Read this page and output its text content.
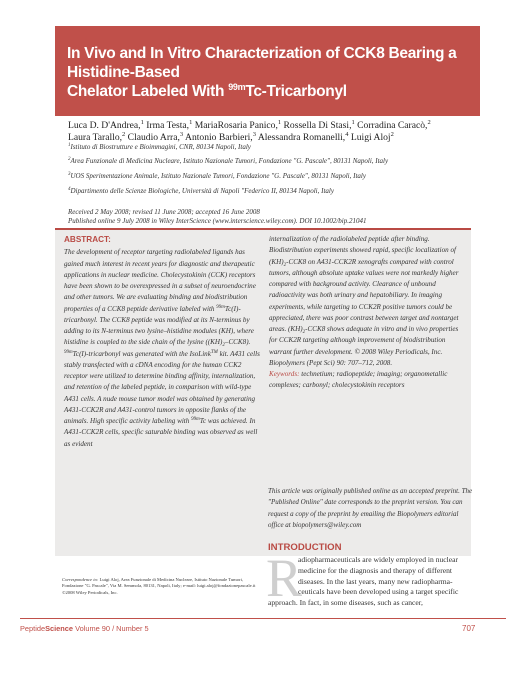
In Vivo and In Vitro Characterization of CCK8 Bearing a Histidine-Based
Chelator Labeled With $^{99m}$Tc-Tricarbonyl
Luca D. D'Andrea,$^1$ Irma Testa,$^1$ MariaRosaria Panico,$^1$ Rossella Di Stasi,$^1$ Corradina Caracò,$^2$
Laura Tarallo,$^2$ Claudio Arra,$^3$ Antonio Barbieri,$^3$ Alessandra Romanelli,$^4$ Luigi Aloj$^2$
$^1$Istituto di Biostrutture e Bioimmagini, CNR, 80134 Napoli, Italy
$^2$Area Funzionale di Medicina Nucleare, Istituto Nazionale Tumori, Fondazione "G. Pascale", 80131 Napoli, Italy
$^3$UOS Sperimentazione Animale, Istituto Nazionale Tumori, Fondazione "G. Pascale", 80131 Napoli, Italy
$^4$Dipartimento delle Scienze Biologiche, Università di Napoli "Federico II, 80134 Napoli, Italy
Received 2 May 2008; revised 11 June 2008; accepted 16 June 2008
Published online 9 July 2008 in Wiley InterScience (www.interscience.wiley.com). DOI 10.1002/bip.21041
ABSTRACT:

The development of receptor targeting radiolabeled ligands has gained much interest in recent years for diagnostic and therapeutic applications in nuclear medicine. Cholecystokinin (CCK) receptors have been shown to be overexpressed in a subset of neuroendocrine and other tumors. We are evaluating binding and biodistribution properties of a CCK8 peptide derivative labeled with $^{99m}$Tc(I)-tricarbonyl. The CCK8 peptide was modified at its N-terminus by adding to its N-terminus two lysine–histidine modules (KH), where histidine is coupled to the side chain of the lysine $((KH)_2-CCK8)$. $^{99m}$Tc(I)-tricarbonyl was generated with the IsoLink™ kit. A431 cells stably transfected with a cDNA encoding for the human CCK2 receptor were utilized to determine binding affinity, internalization, and retention of the labeled peptide, in comparison with wild-type A431 cells. A nude mouse tumor model was obtained by generating A431-CCK2R and A431-control tumors in opposite flanks of the animals. High specific activity labeling with $^{99m}$Tc was achieved. In A431-CCK2R cells, specific saturable binding was observed as well as evident

internalization of the radiolabeled peptide after binding. Biodistribution experiments showed rapid, specific localization of $(KH)_2-CCK8$ on A431-CCK2R xenografts compared with control tumors, although absolute uptake values were not markedly higher compared with background activity. Clearance of unbound radioactivity was both urinary and hepatobiliary. In imaging experiments, while targeting to CCK2R positive tumors could be appreciated, there was poor contrast between target and nontarget areas. $(KH)_2-CCK8$ shows adequate in vitro and in vivo properties for CCK2R targeting although improvement of biodistribution warrant further development. © 2008 Wiley Periodicals, Inc. Biopolymers (Pept Sci) 90: 707–712, 2008.

Keywords: technetium; radiopeptide; imaging; organometallic complexes; carbonyl; cholecystokinin receptors

This article was originally published online as an accepted preprint. The "Published Online" date corresponds to the preprint version. You can request a copy of the preprint by emailing the Biopolymers editorial office at biopolymers@wiley.com
INTRODUCTION
R
adiopharmaceuticals are widely employed in nuclear
medicine for the diagnosis and therapy of different
diseases. In the last years, many new radiopharma-
ceuticals have been developed using a target specific
approach. In fact, in some diseases, such as cancer,
Correspondence to: Luigi Aloj, Area Funzionale di Medicina Nucleare, Istituto Nazionale Tumori, Fondazione "G. Pascale", Via M. Semmola, 80131, Napoli, Italy; e-mail: luigi.aloj@fondazionepascale.it
©2008 Wiley Periodicals, Inc.
PeptideScience Volume 90 / Number 5	707
